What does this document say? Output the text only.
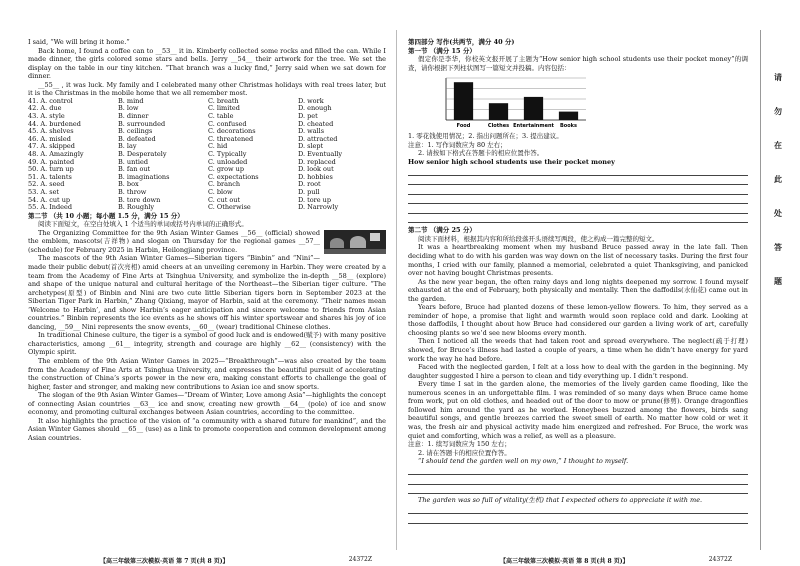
I said, “We will bring it home.”

Back home, I found a coffee can to __53__ it in. Kimberly collected some rocks and filled the can. While I made dinner, the girls colored some stars and bells. Jerry __54__ their artwork for the tree. We set the display on the table in our tiny kitchen. “That branch was a lucky find,” Jerry said when we sat down for dinner.

__55__ , it was luck. My family and I celebrated many other Christmas holidays with real trees later, but it is the Christmas in the mobile home that we all remember most.

41. A. control	B. mind	C. breath	D. work
42. A. due	B. low	C. limited	D. enough
43. A. style	B. dinner	C. table	D. pet
44. A. burdened	B. surrounded	C. confused	D. cheated
45. A. shelves	B. ceilings	C. decorations	D. walls
46. A. misled	B. defeated	C. threatened	D. attracted
47. A. skipped	B. lay	C. hid	D. slept
48. A. Amazingly	B. Desperately	C. Typically	D. Eventually
49. A. painted	B. untied	C. unloaded	D. replaced
50. A. turn up	B. fan out	C. grow up	D. look out
51. A. talents	B. imaginations	C. expectations	D. hobbies
52. A. seed	B. box	C. branch	D. root
53. A. set	B. throw	C. blow	D. pull
54. A. cut up	B. tore down	C. cut out	D. tore up
55. A. Indeed	B. Roughly	C. Otherwise	D. Narrowly

第二节 （共 10 小题；每小题 1.5 分，满分 15 分）

阅读下面短文，在空白处填入 1 个适当的单词或括号内单词的正确形式。

The Organizing Committee for the 9th Asian Winter Games __56__ (official) showed the emblem, mascots(吉祥物) and slogan on Thursday for the regional games __57__ (schedule) for February 2025 in Harbin, Heilongjiang province.

The mascots of the 9th Asian Winter Games—Siberian tigers “Binbin” and “Nini”—made their public debut(首次亮相) amid cheers at an unveiling ceremony in Harbin. They were created by a team from the Academy of Fine Arts at Tsinghua University, and symbolize the in-depth __58__ (explore) and shape of the unique natural and cultural heritage of the Northeast—the Siberian tiger culture. “The archetypes(原型) of Binbin and Nini are two cute little Siberian tigers born in September 2023 at the Siberian Tiger Park in Harbin,” Zhang Qixiang, mayor of Harbin, said at the ceremony. “Their names mean ‘Welcome to Harbin’, and show Harbin’s eager anticipation and sincere welcome to friends from Asian countries.” Binbin represents the ice events as he shows off his winter sportswear and shares his joy of ice dancing, __59__ Nini represents the snow events, __60__ (wear) traditional Chinese clothes.

In traditional Chinese culture, the tiger is a symbol of good luck and is endowed(赋予) with many positive characteristics, among __61__ integrity, strength and courage are highly __62__ (consistency) with the Olympic spirit.

The emblem of the 9th Asian Winter Games in 2025—“Breakthrough”—was also created by the team from the Academy of Fine Arts at Tsinghua University, and expresses the beautiful pursuit of accelerating the construction of China’s sports power in the new era, making constant efforts to challenge the goal of higher, faster and stronger, and making new contributions to Asian ice and snow sports.

The slogan of the 9th Asian Winter Games—“Dream of Winter, Love among Asia”—highlights the concept of connecting Asian countries __63__ ice and snow, creating new growth __64__ (pole) of ice and snow economy, and promoting cultural exchanges between Asian countries, according to the committee.

It also highlights the practice of the vision of “a community with a shared future for mankind”, and the Asian Winter Games should __65__ (use) as a link to promote cooperation and common development among Asian countries.

【高三年级第三次模拟·英语 第 7 页(共 8 页)】	24372Z

第四部分 写作(共两节，满分 40 分)

第一节 （满分 15 分）

假定你是李华，你校英文报开展了主题为“How senior high school students use their pocket money”的调查，请你根据下列柱状图写一篇短文并投稿。内容包括：

Food	Clothes Entertainment Books

1. 零花钱使用情况；2. 指出问题所在；3. 提出建议。

注意：1. 写作词数应为 80 左右；

2. 请按如下格式在答题卡的相应位置作答。

How senior high school students use their pocket money

第二节 （满分 25 分）

阅读下面材料，根据其内容和所给段落开头语续写两段，使之构成一篇完整的短文。

It was a heartbreaking moment when my husband Bruce passed away in the late fall. Then deciding what to do with his garden was way down on the list of necessary tasks. During the first four months, I cried with our family, planned a memorial, celebrated a quiet Thanksgiving, and panicked over not having bought Christmas presents.

As the new year began, the often rainy days and long nights deepened my sorrow. I found myself exhausted at the end of February, both physically and mentally. Then the daffodils(水仙花) came out in the garden.

Years before, Bruce had planted dozens of these lemon-yellow flowers. To him, they served as a reminder of hope, a promise that light and warmth would soon replace cold and dark. Looking at those daffodils, I thought about how Bruce had considered our garden a living work of art, carefully choosing plants so we’d see new blooms every month.

Then I noticed all the weeds that had taken root and spread everywhere. The neglect(疏于打理) showed, for Bruce’s illness had lasted a couple of years, a time when he didn’t have energy for yard work the way he had before.

Faced with the neglected garden, I felt at a loss how to deal with the garden in the beginning. My daughter suggested I hire a person to clean and tidy everything up. I didn’t respond.

Every time I sat in the garden alone, the memories of the lively garden came flooding, like the numerous scenes in an unforgettable film. I was reminded of so many days when Bruce came home from work, put on old clothes, and headed out of the door to mow or prune(修剪). Orange dragonflies followed him around the yard as he worked. Honeybees buzzed among the flowers, birds sang beautiful songs, and gentle breezes carried the sweet smell of earth. No matter how cold or wet it was, the fresh air and physical activity made him energized and refreshed. For Bruce, the work was quiet and comforting, which was a relief, as well as a pleasure.

注意：1. 续写词数应为 150 左右；

2. 请在答题卡的相应位置作答。

“I should tend the garden well on my own,” I thought to myself.

The garden was so full of vitality(生机) that I expected others to appreciate it with me.

【高三年级第三次模拟·英语 第 8 页(共 8 页)】	24372Z
请
勿
在
此
处
答
题
